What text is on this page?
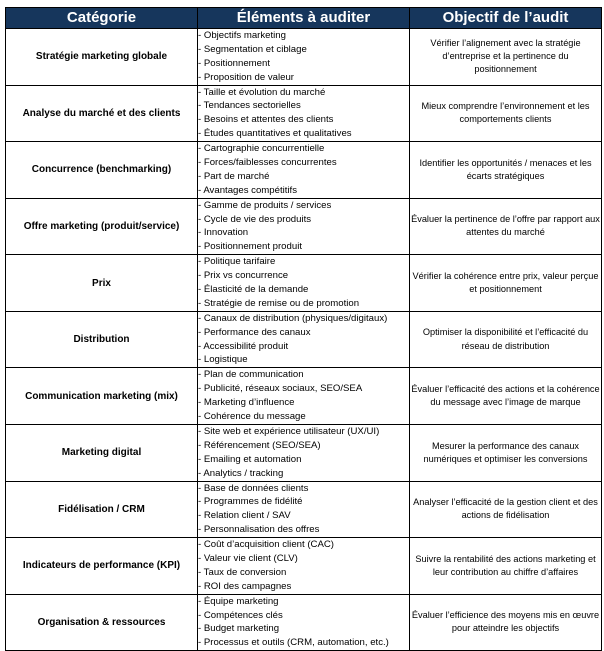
Catégorie	Éléments à auditer	Objectif de l’audit
Stratégie marketing globale	- Objectifs marketing
- Segmentation et ciblage
- Positionnement
- Proposition de valeur	Vérifier l’alignement avec la stratégie d’entreprise et la pertinence du positionnement
Analyse du marché et des clients	- Taille et évolution du marché
- Tendances sectorielles
- Besoins et attentes des clients
- Études quantitatives et qualitatives	Mieux comprendre l’environnement et les comportements clients
Concurrence (benchmarking)	- Cartographie concurrentielle
- Forces/faiblesses concurrentes
- Part de marché
- Avantages compétitifs	Identifier les opportunités / menaces et les écarts stratégiques
Offre marketing (produit/service)	- Gamme de produits / services
- Cycle de vie des produits
- Innovation
- Positionnement produit	Évaluer la pertinence de l’offre par rapport aux attentes du marché
Prix	- Politique tarifaire
- Prix vs concurrence
- Élasticité de la demande
- Stratégie de remise ou de promotion	Vérifier la cohérence entre prix, valeur perçue et positionnement
Distribution	- Canaux de distribution (physiques/digitaux)
- Performance des canaux
- Accessibilité produit
- Logistique	Optimiser la disponibilité et l’efficacité du réseau de distribution
Communication marketing (mix)	- Plan de communication
- Publicité, réseaux sociaux, SEO/SEA
- Marketing d’influence
- Cohérence du message	Évaluer l’efficacité des actions et la cohérence du message avec l’image de marque
Marketing digital	- Site web et expérience utilisateur (UX/UI)
- Référencement (SEO/SEA)
- Emailing et automation
- Analytics / tracking	Mesurer la performance des canaux numériques et optimiser les conversions
Fidélisation / CRM	- Base de données clients
- Programmes de fidélité
- Relation client / SAV
- Personnalisation des offres	Analyser l’efficacité de la gestion client et des actions de fidélisation
Indicateurs de performance (KPI)	- Coût d’acquisition client (CAC)
- Valeur vie client (CLV)
- Taux de conversion
- ROI des campagnes	Suivre la rentabilité des actions marketing et leur contribution au chiffre d’affaires
Organisation & ressources	- Équipe marketing
- Compétences clés
- Budget marketing
- Processus et outils (CRM, automation, etc.)	Évaluer l’efficience des moyens mis en œuvre pour atteindre les objectifs
